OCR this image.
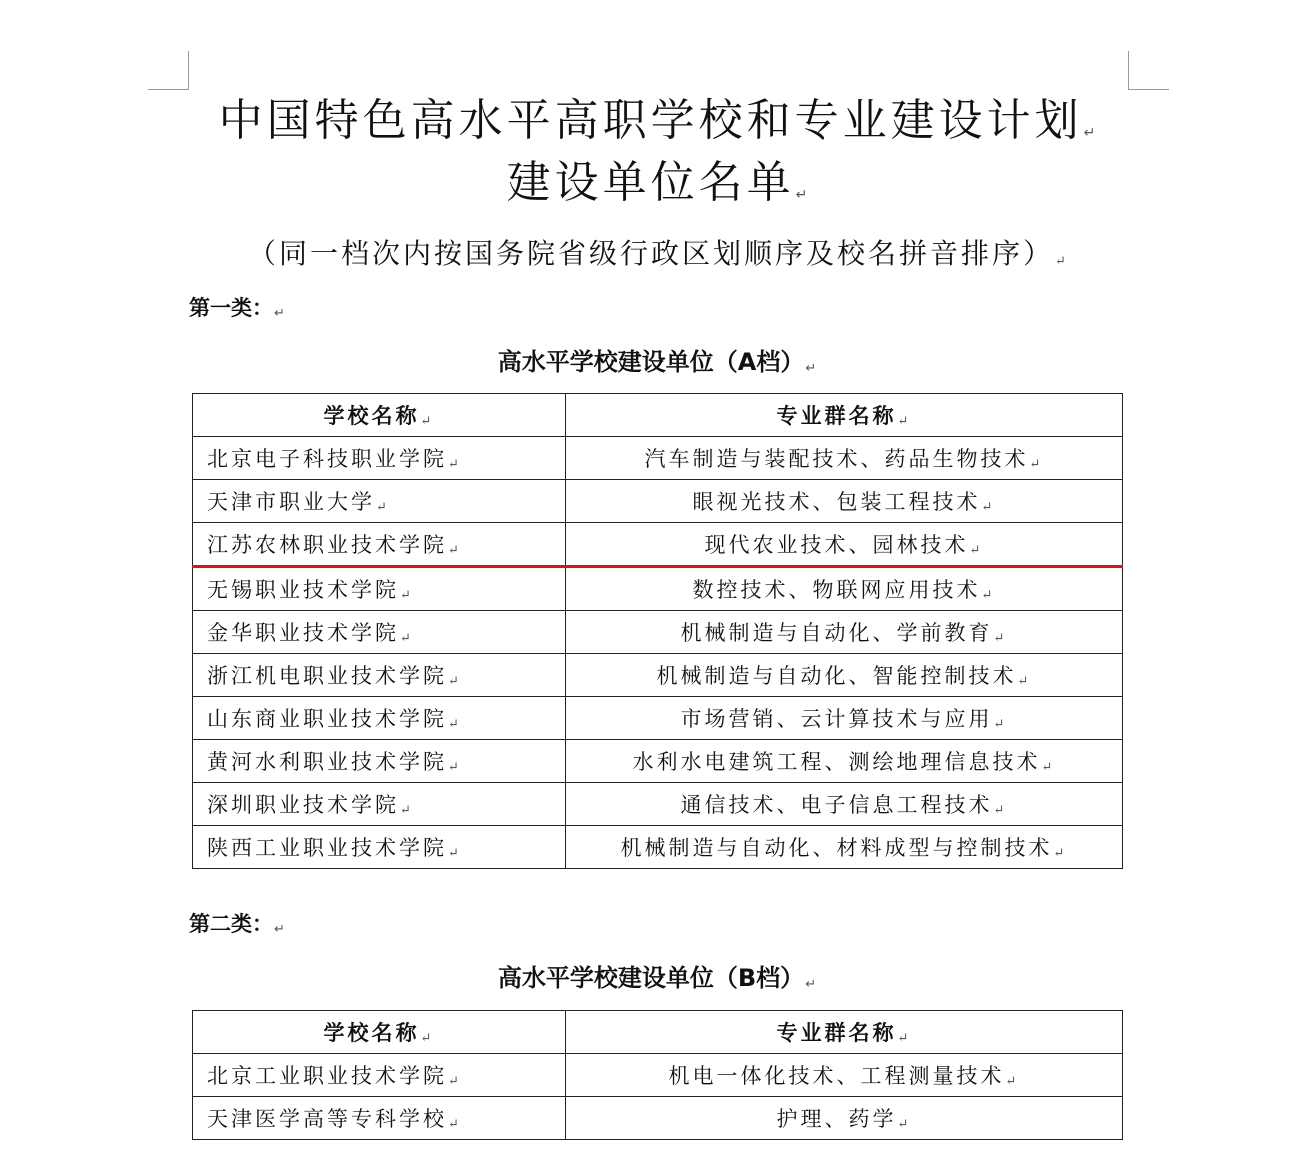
中国特色高水平高职学校和专业建设计划↵
建设单位名单↵
（同一档次内按国务院省级行政区划顺序及校名拼音排序）↵
第一类：↵
高水平学校建设单位（A档）↵
学校名称↵	专业群名称↵
北京电子科技职业学院↵	汽车制造与装配技术、药品生物技术↵
天津市职业大学↵	眼视光技术、包装工程技术↵
江苏农林职业技术学院↵	现代农业技术、园林技术↵
无锡职业技术学院↵	数控技术、物联网应用技术↵
金华职业技术学院↵	机械制造与自动化、学前教育↵
浙江机电职业技术学院↵	机械制造与自动化、智能控制技术↵
山东商业职业技术学院↵	市场营销、云计算技术与应用↵
黄河水利职业技术学院↵	水利水电建筑工程、测绘地理信息技术↵
深圳职业技术学院↵	通信技术、电子信息工程技术↵
陕西工业职业技术学院↵	机械制造与自动化、材料成型与控制技术↵
第二类：↵
高水平学校建设单位（B档）↵
学校名称↵	专业群名称↵
北京工业职业技术学院↵	机电一体化技术、工程测量技术↵
天津医学高等专科学校↵	护理、药学↵
